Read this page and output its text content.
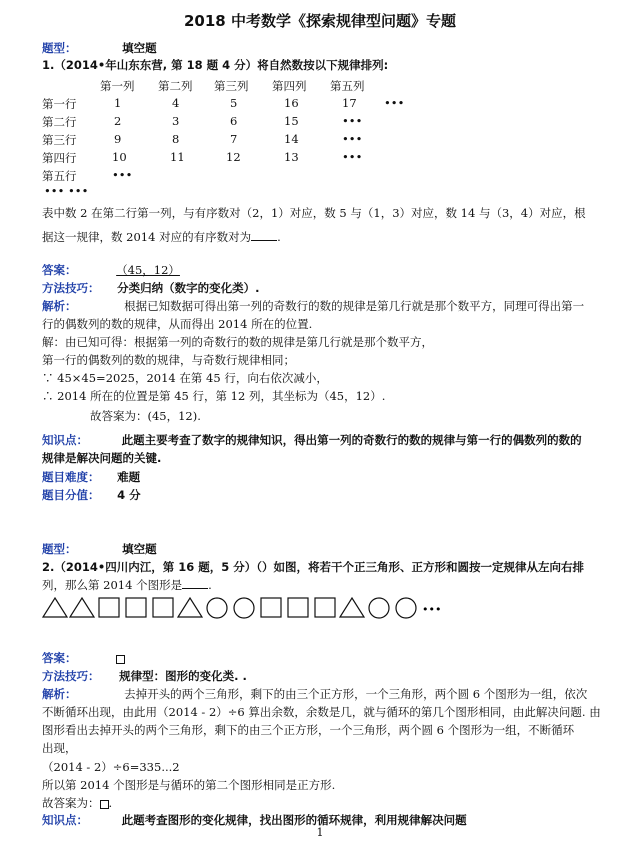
2018 中考数学《探索规律型问题》专题
题型：	填空题
1.（2014•年山东东营, 第 18 题 4 分）将自然数按以下规律排列:
第一列 第二列 第三列 第四列 第五列
第一行	1	4	5	16	17 •••
第二行	2	3	6	15	•••
第三行	9	8	7	14	•••
第四行	10	11	12	13	•••
第五行	•••
••• •••
表中数 2 在第二行第一列，与有序数对（2，1）对应，数 5 与（1，3）对应，数 14 与（3，4）对应，根
据这一规律，数 2014 对应的有序数对为 .
答案：	（45，12）
方法技巧： 分类归纳（数字的变化类）.
解析：	根据已知数据可得出第一列的奇数行的数的规律是第几行就是那个数平方，同理可得出第一
行的偶数列的数的规律，从而得出 2014 所在的位置.
解：由已知可得：根据第一列的奇数行的数的规律是第几行就是那个数平方，
第一行的偶数列的数的规律，与奇数行规律相同；
∵ 45×45=2025，2014 在第 45 行，向右依次减小，
∴ 2014 所在的位置是第 45 行，第 12 列，其坐标为（45，12）.
故答案为：(45，12).
知识点：	此题主要考查了数字的规律知识，得出第一列的奇数行的数的规律与第一行的偶数列的数的
规律是解决问题的关键.
题目难度： 难题
题目分值： 4 分
题型：	填空题
2.（2014•四川内江，第 16 题，5 分）（）如图，将若干个正三角形、正方形和圆按一定规律从左向右排
列，那么第 2014 个图形是 .
•••
答案：
方法技巧： 规律型：图形的变化类. .
解析：	去掉开头的两个三角形，剩下的由三个正方形，一个三角形，两个圆 6 个图形为一组，依次
不断循环出现，由此用（2014 - 2）÷6 算出余数，余数是几，就与循环的第几个图形相同，由此解决问题. 由
图形看出去掉开头的两个三角形，剩下的由三个正方形，一个三角形，两个圆 6 个图形为一组，不断循环
出现，
（2014 - 2）÷6=335...2
所以第 2014 个图形是与循环的第二个图形相同是正方形.
故答案为： .
知识点：	此题考查图形的变化规律，找出图形的循环规律，利用规律解决问题
1
